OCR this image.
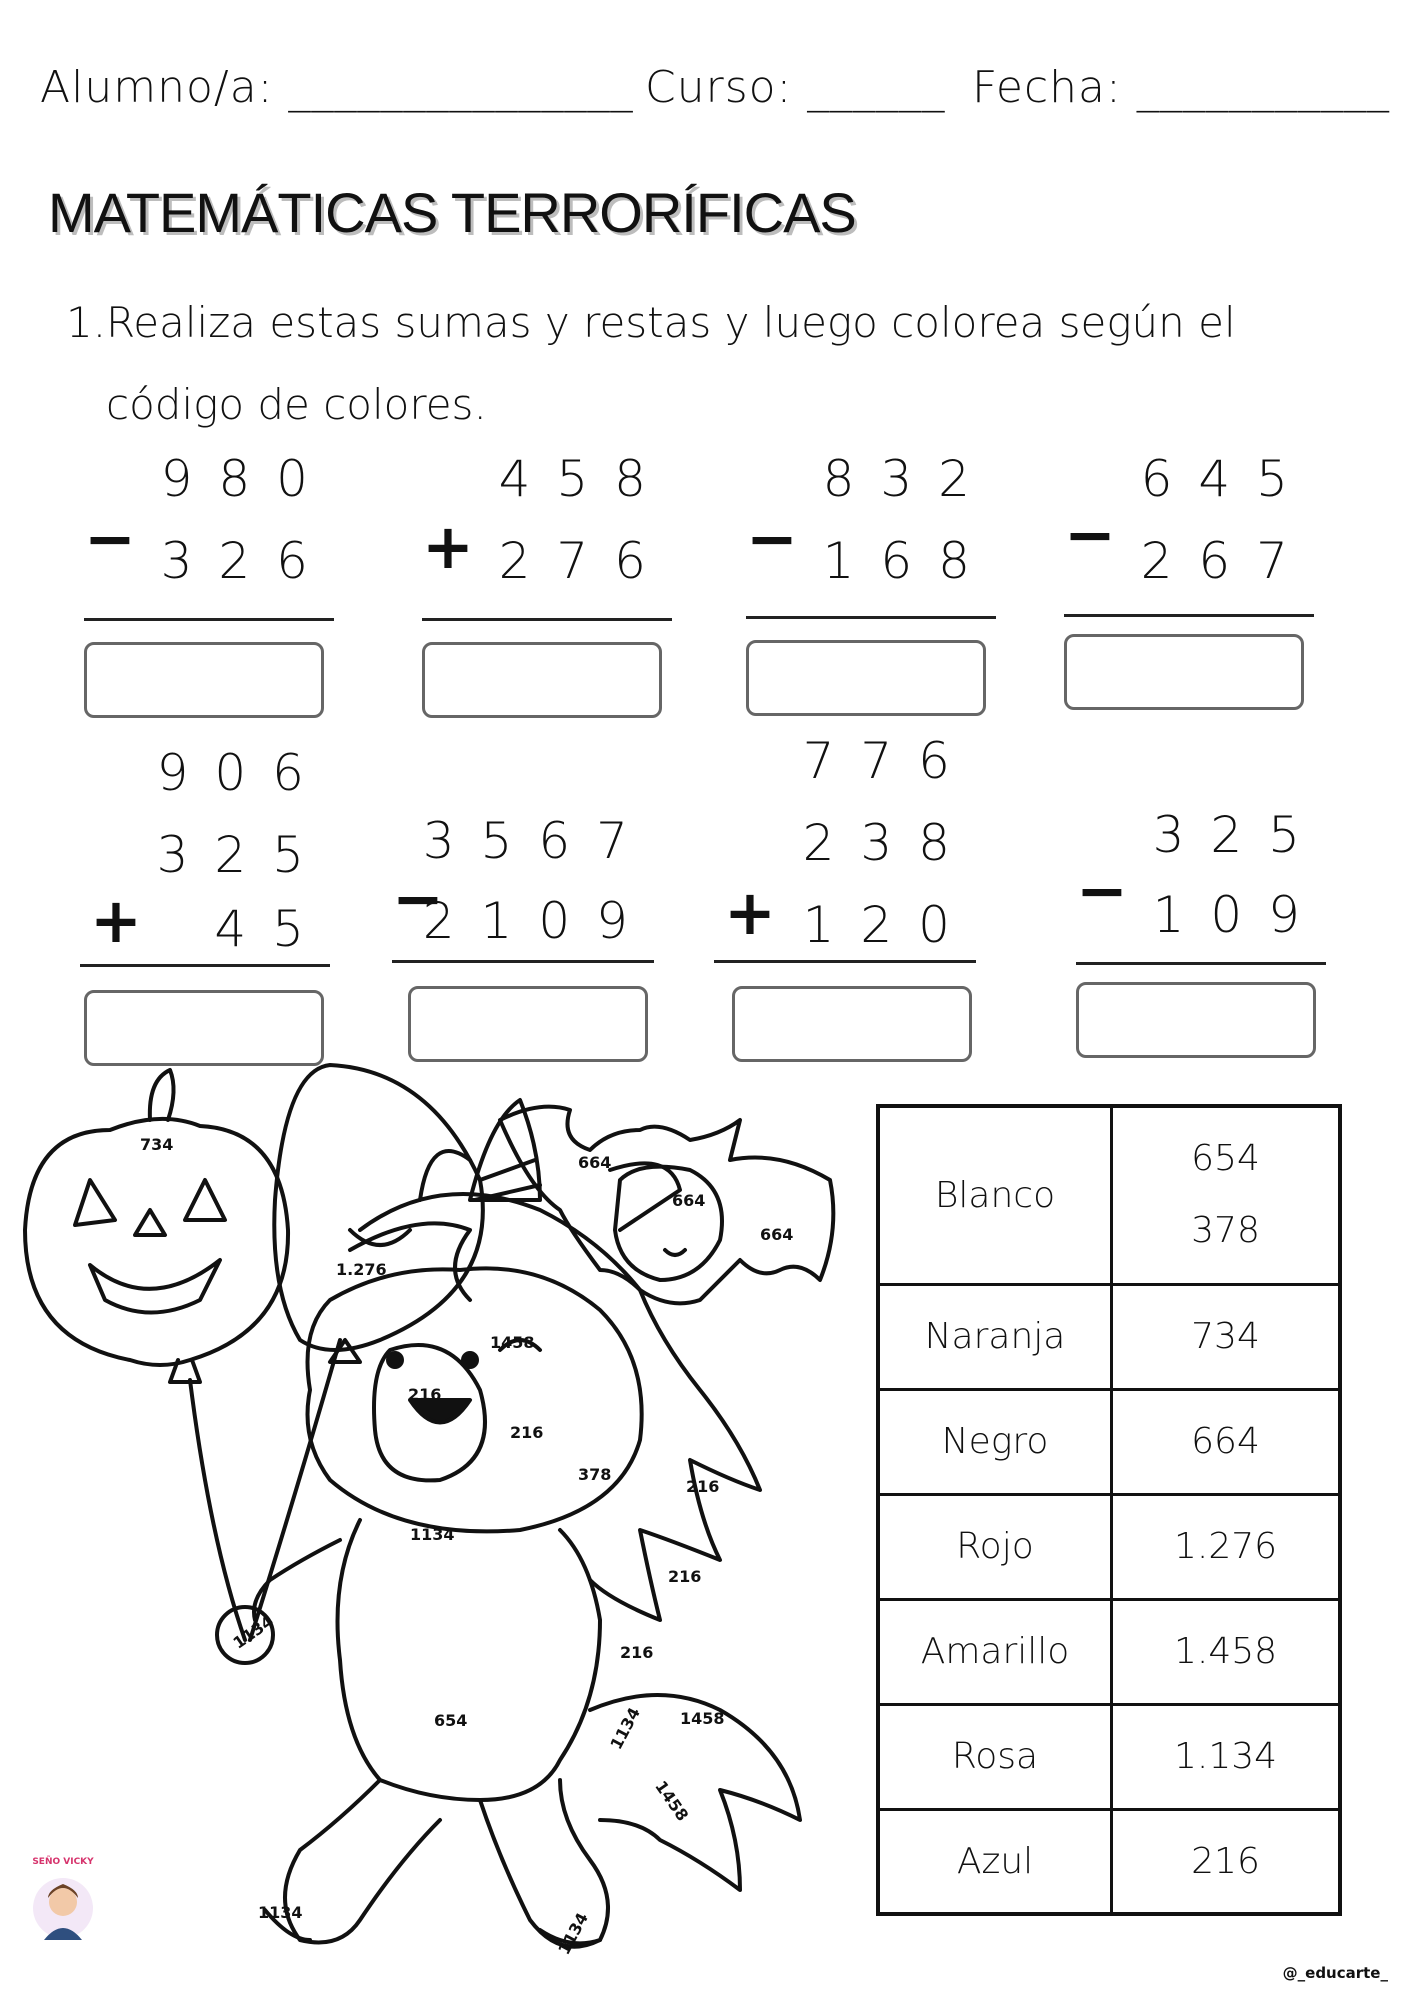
Alumno/a: _______________ Curso: ______ Fecha: ___________
MATEMÁTICAS TERRORÍFICAS
1. Realiza estas sumas y restas y luego colorea según el código de colores.
980
− 326
458
+ 276
832
− 168
645
− 267
906
325
+	45
3567
−
2109
776
238
+ 120
325
− 109
734
1.276
664
664
664
1458
216
216
378
216
216
216
1134
1134
654	1134 1458
1458
1134	1134
Blanco	654
378

Naranja	734
Negro	664
Rojo	1.276
Amarillo	1.458
Rosa	1.134
Azul	216
SEÑO VICKY
@_educarte_
